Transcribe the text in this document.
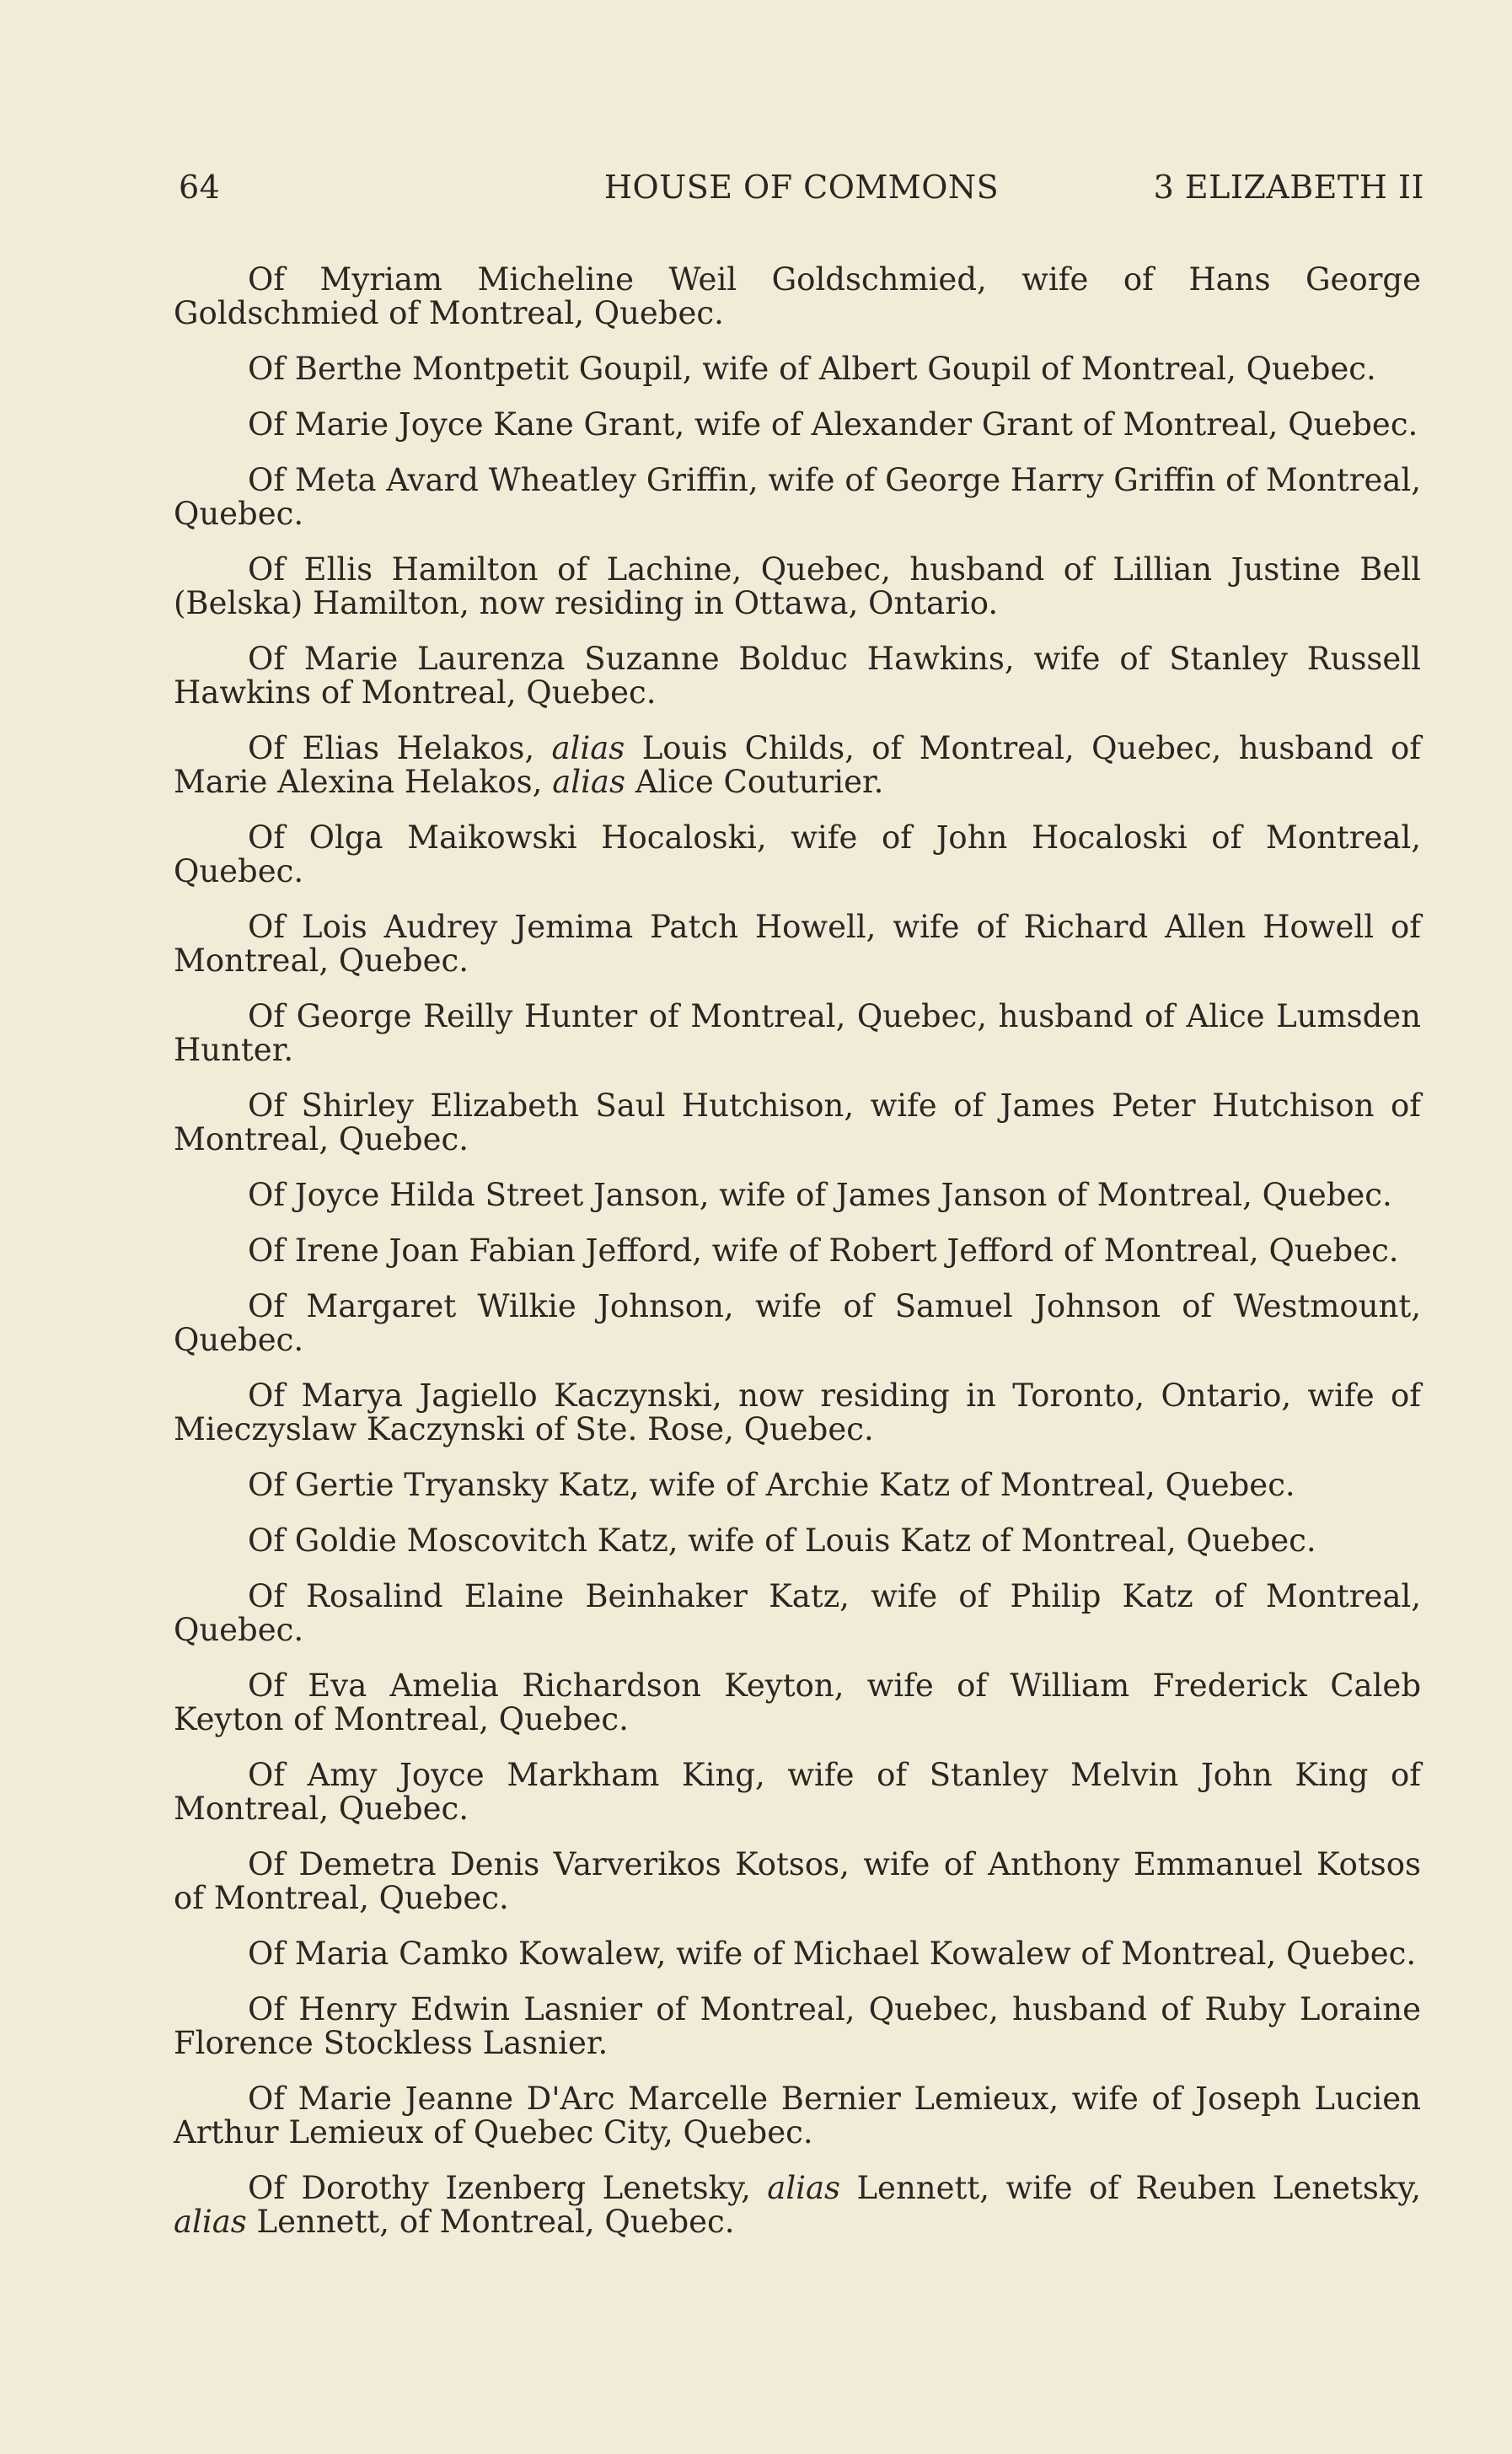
64	HOUSE OF COMMONS	3 ELIZABETH II

Of Myriam Micheline Weil Goldschmied, wife of Hans George Goldschmied of Montreal, Quebec.

Of Berthe Montpetit Goupil, wife of Albert Goupil of Montreal, Quebec.

Of Marie Joyce Kane Grant, wife of Alexander Grant of Montreal, Quebec.

Of Meta Avard Wheatley Griffin, wife of George Harry Griffin of Montreal, Quebec.

Of Ellis Hamilton of Lachine, Quebec, husband of Lillian Justine Bell (Belska) Hamilton, now residing in Ottawa, Ontario.

Of Marie Laurenza Suzanne Bolduc Hawkins, wife of Stanley Russell Hawkins of Montreal, Quebec.

Of Elias Helakos, alias Louis Childs, of Montreal, Quebec, husband of Marie Alexina Helakos, alias Alice Couturier.

Of Olga Maikowski Hocaloski, wife of John Hocaloski of Montreal, Quebec.

Of Lois Audrey Jemima Patch Howell, wife of Richard Allen Howell of Montreal, Quebec.

Of George Reilly Hunter of Montreal, Quebec, husband of Alice Lumsden Hunter.

Of Shirley Elizabeth Saul Hutchison, wife of James Peter Hutchison of Montreal, Quebec.

Of Joyce Hilda Street Janson, wife of James Janson of Montreal, Quebec.

Of Irene Joan Fabian Jefford, wife of Robert Jefford of Montreal, Quebec.

Of Margaret Wilkie Johnson, wife of Samuel Johnson of Westmount, Quebec.

Of Marya Jagiello Kaczynski, now residing in Toronto, Ontario, wife of Mieczyslaw Kaczynski of Ste. Rose, Quebec.

Of Gertie Tryansky Katz, wife of Archie Katz of Montreal, Quebec.

Of Goldie Moscovitch Katz, wife of Louis Katz of Montreal, Quebec.

Of Rosalind Elaine Beinhaker Katz, wife of Philip Katz of Montreal, Quebec.

Of Eva Amelia Richardson Keyton, wife of William Frederick Caleb Keyton of Montreal, Quebec.

Of Amy Joyce Markham King, wife of Stanley Melvin John King of Montreal, Quebec.

Of Demetra Denis Varverikos Kotsos, wife of Anthony Emmanuel Kotsos of Montreal, Quebec.

Of Maria Camko Kowalew, wife of Michael Kowalew of Montreal, Quebec.

Of Henry Edwin Lasnier of Montreal, Quebec, husband of Ruby Loraine Florence Stockless Lasnier.

Of Marie Jeanne D'Arc Marcelle Bernier Lemieux, wife of Joseph Lucien Arthur Lemieux of Quebec City, Quebec.

Of Dorothy Izenberg Lenetsky, alias Lennett, wife of Reuben Lenetsky, alias Lennett, of Montreal, Quebec.
